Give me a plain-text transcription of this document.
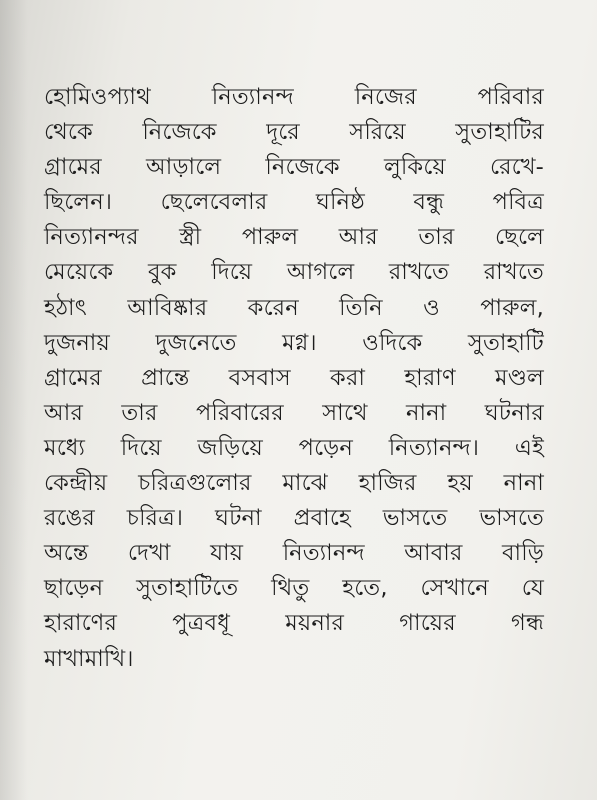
হোমিওপ্যাথ নিত্যানন্দ নিজের পরিবার
থেকে নিজেকে দূরে সরিয়ে সুতাহাটির
গ্রামের আড়ালে নিজেকে লুকিয়ে রেখে-
ছিলেন। ছেলেবেলার ঘনিষ্ঠ বন্ধু পবিত্র
নিত্যানন্দর স্ত্রী পারুল আর তার ছেলে
মেয়েকে বুক দিয়ে আগলে রাখতে রাখতে
হঠাৎ আবিষ্কার করেন তিনি ও পারুল,
দুজনায় দুজনেতে মগ্ন। ওদিকে সুতাহাটি
গ্রামের প্রান্তে বসবাস করা হারাণ মণ্ডল
আর তার পরিবারের সাথে নানা ঘটনার
মধ্যে দিয়ে জড়িয়ে পড়েন নিত্যানন্দ। এই
কেন্দ্রীয় চরিত্রগুলোর মাঝে হাজির হয় নানা
রঙের চরিত্র। ঘটনা প্রবাহে ভাসতে ভাসতে
অন্তে দেখা যায় নিত্যানন্দ আবার বাড়ি
ছাড়েন সুতাহাটিতে থিতু হতে, সেখানে যে
হারাণের পুত্রবধূ ময়নার গায়ের গন্ধ
মাখামাখি।
